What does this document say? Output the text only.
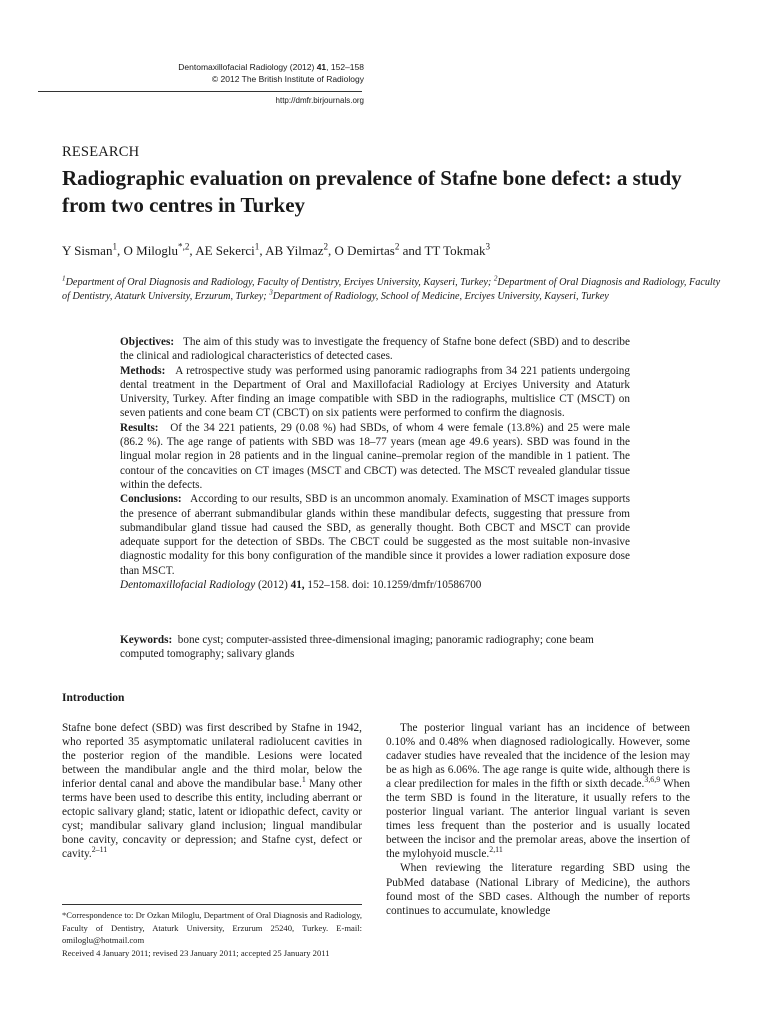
Dentomaxillofacial Radiology (2012) 41, 152–158
© 2012 The British Institute of Radiology
http://dmfr.birjournals.org
RESEARCH
Radiographic evaluation on prevalence of Stafne bone defect: a study from two centres in Turkey
Y Sisman$^1$, O Miloglu$^{*,2}$, AE Sekerci$^1$, AB Yilmaz$^2$, O Demirtas$^2$ and TT Tokmak$^3$
$^1$Department of Oral Diagnosis and Radiology, Faculty of Dentistry, Erciyes University, Kayseri, Turkey; $^2$Department of Oral Diagnosis and Radiology, Faculty of Dentistry, Ataturk University, Erzurum, Turkey; $^3$Department of Radiology, School of Medicine, Erciyes University, Kayseri, Turkey

Objectives: The aim of this study was to investigate the frequency of Stafne bone defect (SBD) and to describe the clinical and radiological characteristics of detected cases.

Methods: A retrospective study was performed using panoramic radiographs from 34 221 patients undergoing dental treatment in the Department of Oral and Maxillofacial Radiology at Erciyes University and Ataturk University, Turkey. After finding an image compatible with SBD in the radiographs, multislice CT (MSCT) on seven patients and cone beam CT (CBCT) on six patients were performed to confirm the diagnosis.

Results: Of the 34 221 patients, 29 (0.08 %) had SBDs, of whom 4 were female (13.8%) and 25 were male (86.2 %). The age range of patients with SBD was 18–77 years (mean age 49.6 years). SBD was found in the lingual molar region in 28 patients and in the lingual canine–premolar region of the mandible in 1 patient. The contour of the concavities on CT images (MSCT and CBCT) was detected. The MSCT revealed glandular tissue within the defects.

Conclusions: According to our results, SBD is an uncommon anomaly. Examination of MSCT images supports the presence of aberrant submandibular glands within these mandibular defects, suggesting that pressure from submandibular gland tissue had caused the SBD, as generally thought. Both CBCT and MSCT can provide adequate support for the detection of SBDs. The CBCT could be suggested as the most suitable non-invasive diagnostic modality for this bony configuration of the mandible since it provides a lower radiation exposure dose than MSCT.

Dentomaxillofacial Radiology (2012) 41, 152–158. doi: 10.1259/dmfr/10586700

Keywords: bone cyst; computer-assisted three-dimensional imaging; panoramic radiography; cone beam computed tomography; salivary glands
Introduction

Stafne bone defect (SBD) was first described by Stafne in 1942, who reported 35 asymptomatic unilateral radiolucent cavities in the posterior region of the mandible. Lesions were located between the mandibular angle and the third molar, below the inferior dental canal and above the mandibular base.$^1$ Many other terms have been used to describe this entity, including aberrant or ectopic salivary gland; static, latent or idiopathic defect, cavity or cyst; mandibular salivary gland inclusion; lingual mandibular bone cavity, concavity or depression; and Stafne cyst, defect or cavity.$^{2-11}$

*Correspondence to: Dr Ozkan Miloglu, Department of Oral Diagnosis and Radiology, Faculty of Dentistry, Ataturk University, Erzurum 25240, Turkey. E-mail: omiloglu@hotmail.com

Received 4 January 2011; revised 23 January 2011; accepted 25 January 2011

The posterior lingual variant has an incidence of between 0.10% and 0.48% when diagnosed radiologically. However, some cadaver studies have revealed that the incidence of the lesion may be as high as 6.06%. The age range is quite wide, although there is a clear predilection for males in the fifth or sixth decade.$^{3,6,9}$ When the term SBD is found in the literature, it usually refers to the posterior lingual variant. The anterior lingual variant is seven times less frequent than the posterior and is usually located between the incisor and the premolar areas, above the insertion of the mylohyoid muscle.$^{2,11}$

When reviewing the literature regarding SBD using the PubMed database (National Library of Medicine), the authors found most of the SBD cases. Although the number of reports continues to accumulate, knowledge
